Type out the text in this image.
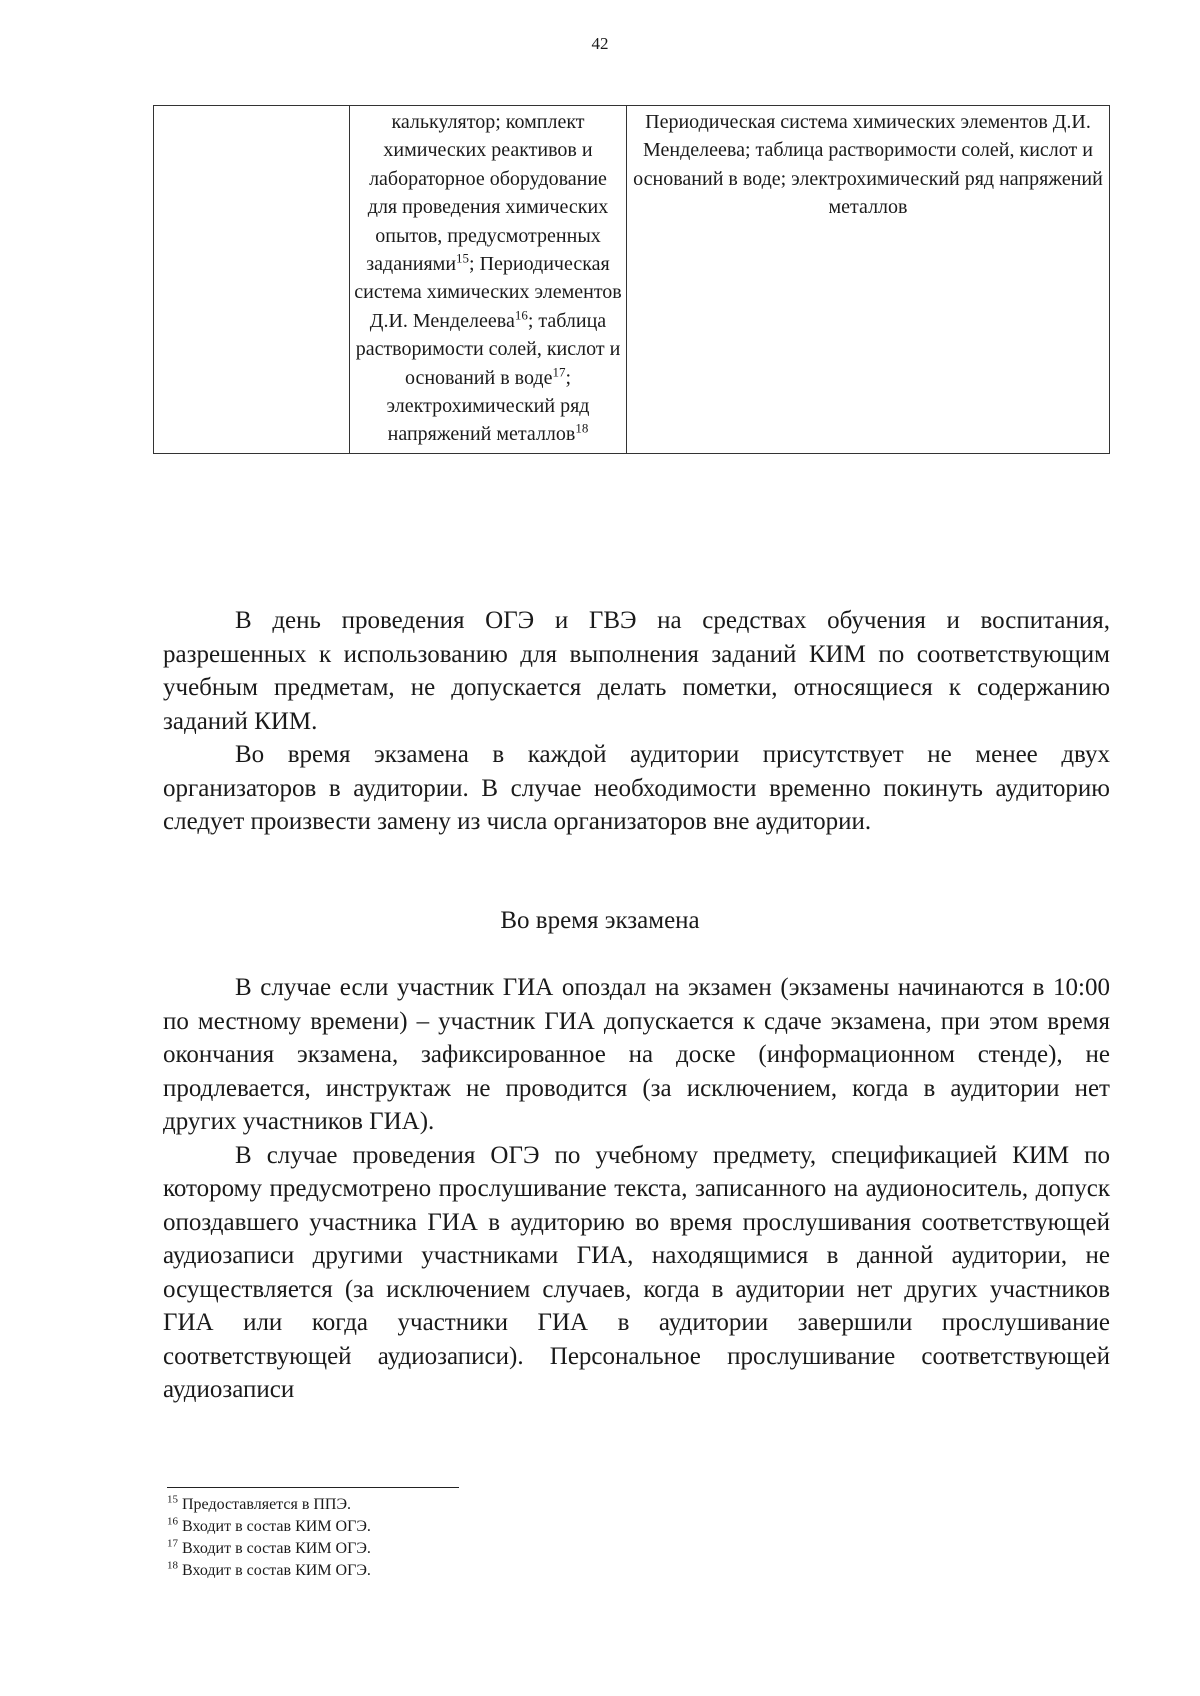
42
	калькулятор; комплект химических реактивов и лабораторное оборудование для проведения химических опытов, предусмотренных заданиями$^{15}$; Периодическая система химических элементов Д.И. Менделеева$^{16}$; таблица растворимости солей, кислот и оснований в воде$^{17}$; электрохимический ряд напряжений металлов$^{18}$	Периодическая система химических элементов Д.И. Менделеева; таблица растворимости солей, кислот и оснований в воде; электрохимический ряд напряжений металлов

В день проведения ОГЭ и ГВЭ на средствах обучения и воспитания, разрешенных к использованию для выполнения заданий КИМ по соответствующим учебным предметам, не допускается делать пометки, относящиеся к содержанию заданий КИМ.

Во время экзамена в каждой аудитории присутствует не менее двух организаторов в аудитории. В случае необходимости временно покинуть аудиторию следует произвести замену из числа организаторов вне аудитории.

Во время экзамена

В случае если участник ГИА опоздал на экзамен (экзамены начинаются в 10:00 по местному времени) – участник ГИА допускается к сдаче экзамена, при этом время окончания экзамена, зафиксированное на доске (информационном стенде), не продлевается, инструктаж не проводится (за исключением, когда в аудитории нет других участников ГИА).

В случае проведения ОГЭ по учебному предмету, спецификацией КИМ по которому предусмотрено прослушивание текста, записанного на аудионоситель, допуск опоздавшего участника ГИА в аудиторию во время прослушивания соответствующей аудиозаписи другими участниками ГИА, находящимися в данной аудитории, не осуществляется (за исключением случаев, когда в аудитории нет других участников ГИА или когда участники ГИА в аудитории завершили прослушивание соответствующей аудиозаписи). Персональное прослушивание соответствующей аудиозаписи

$^{15}$ Предоставляется в ППЭ.
$^{16}$ Входит в состав КИМ ОГЭ.
$^{17}$ Входит в состав КИМ ОГЭ.
$^{18}$ Входит в состав КИМ ОГЭ.
